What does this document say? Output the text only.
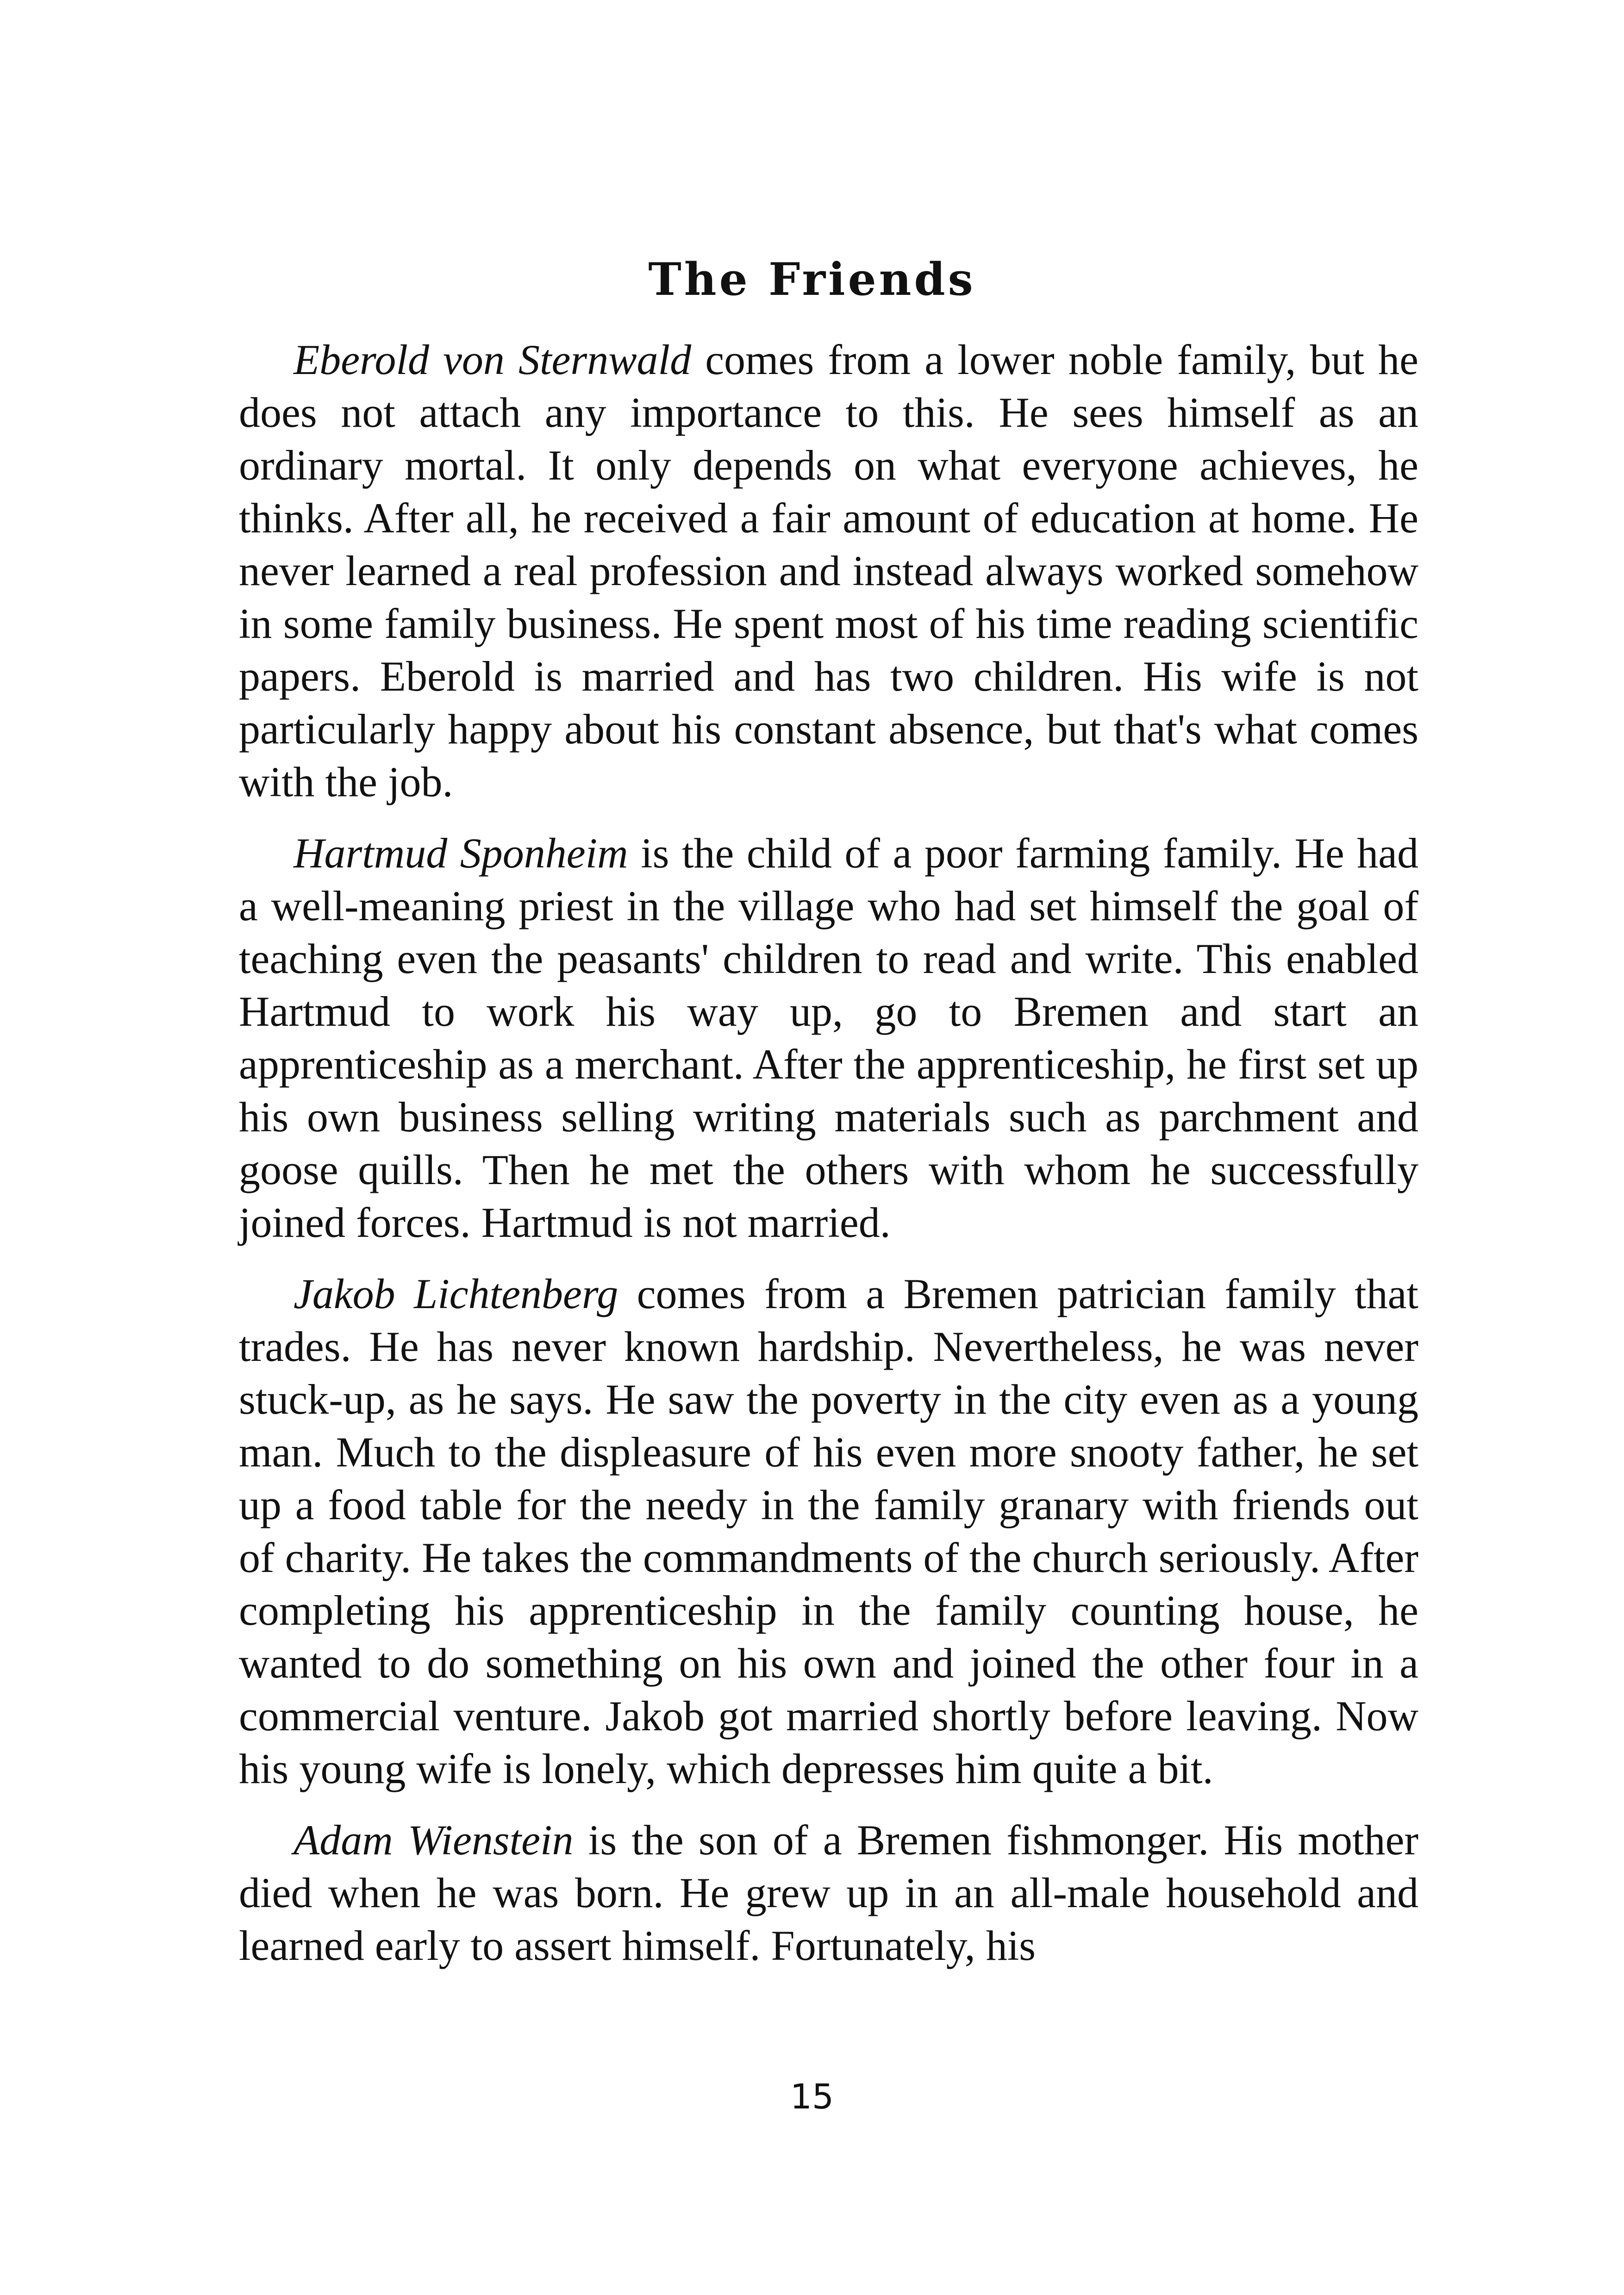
The Friends

Eberold von Sternwald comes from a lower noble family, but he does not attach any importance to this. He sees himself as an ordinary mortal. It only depends on what everyone achieves, he thinks. After all, he received a fair amount of education at home. He never learned a real profession and instead always worked somehow in some family business. He spent most of his time reading scientific papers. Eberold is married and has two children. His wife is not particularly happy about his constant absence, but that's what comes with the job.

Hartmud Sponheim is the child of a poor farming family. He had a well-meaning priest in the village who had set himself the goal of teaching even the peasants' children to read and write. This enabled Hartmud to work his way up, go to Bremen and start an apprenticeship as a merchant. After the apprenticeship, he first set up his own business selling writing materials such as parchment and goose quills. Then he met the others with whom he successfully joined forces. Hartmud is not married.

Jakob Lichtenberg comes from a Bremen patrician family that trades. He has never known hardship. Nevertheless, he was never stuck-up, as he says. He saw the poverty in the city even as a young man. Much to the displeasure of his even more snooty father, he set up a food table for the needy in the family granary with friends out of charity. He takes the commandments of the church seriously. After completing his apprenticeship in the family counting house, he wanted to do something on his own and joined the other four in a commercial venture. Jakob got married shortly before leaving. Now his young wife is lonely, which depresses him quite a bit.

Adam Wienstein is the son of a Bremen fishmonger. His mother died when he was born. He grew up in an all-male household and learned early to assert himself. Fortunately, his

15
